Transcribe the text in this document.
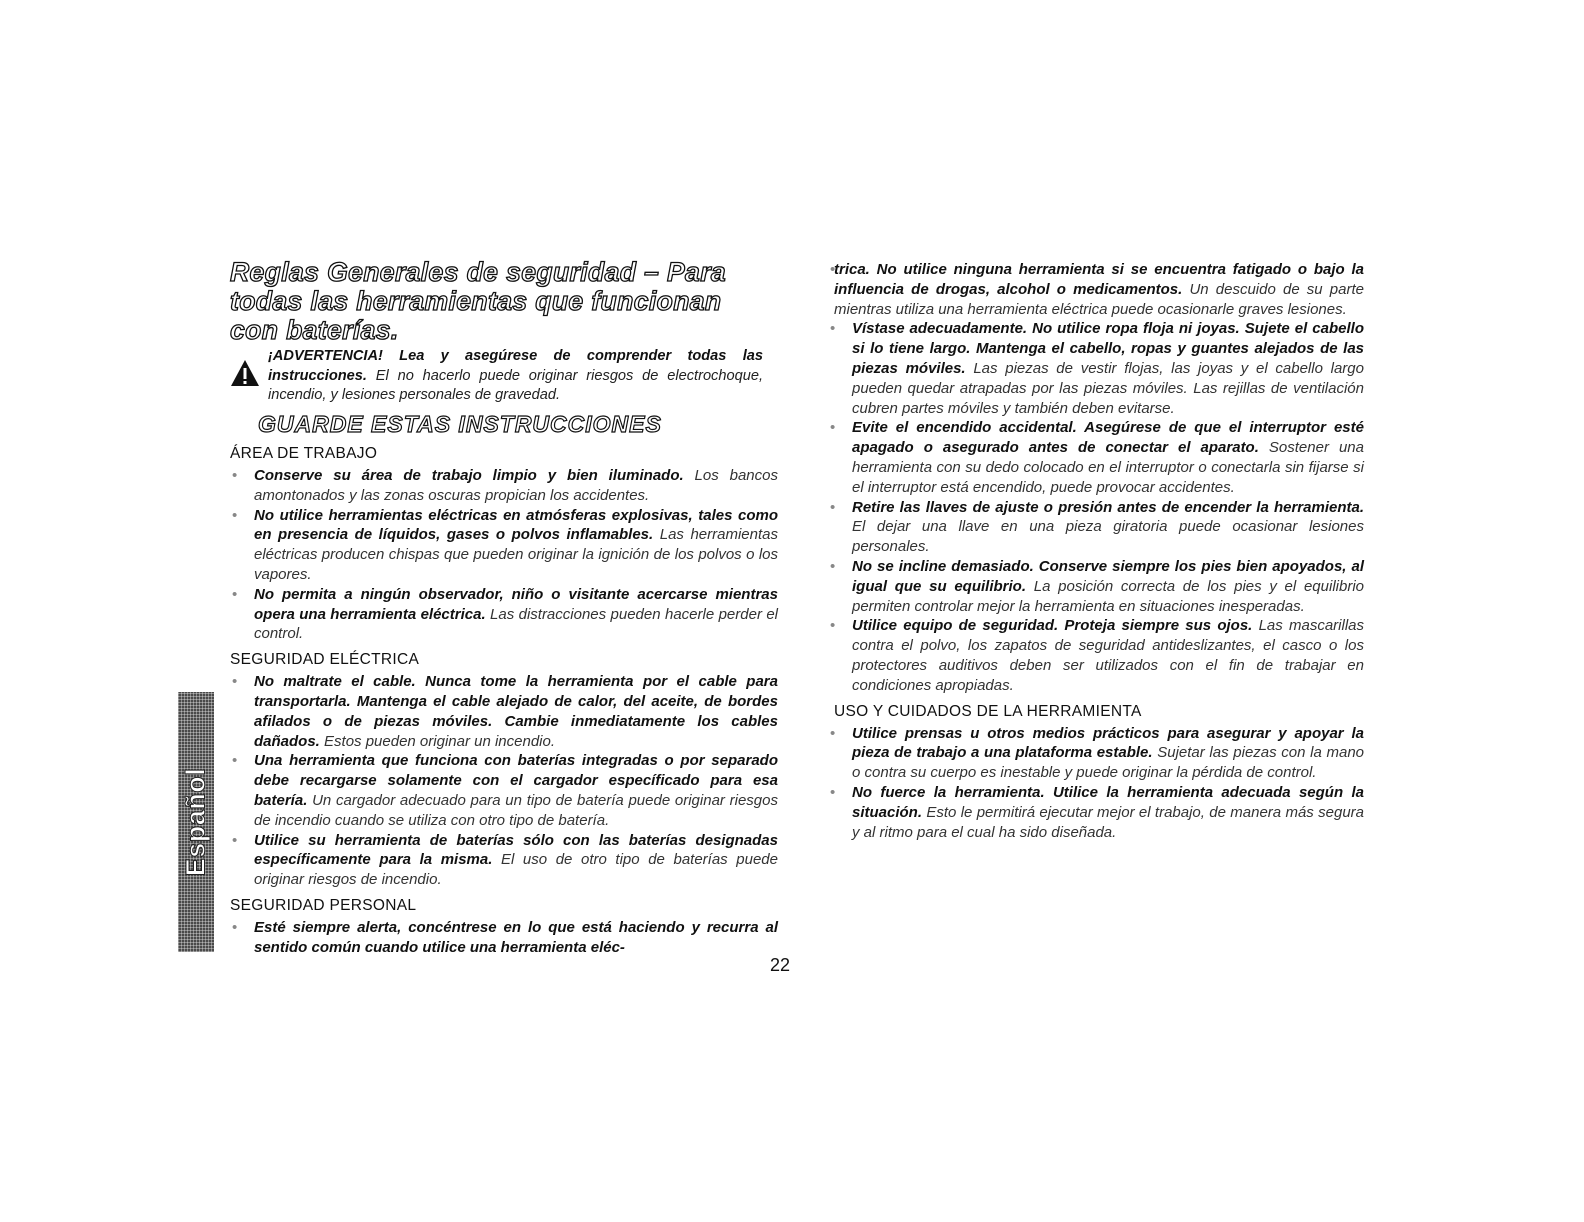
Reglas Generales de seguridad – Para
todas las herramientas que funcionan
con baterías.

¡ADVERTENCIA! Lea y asegúrese de comprender todas las instrucciones. El no hacerlo puede originar riesgos de electrochoque, incendio, y lesiones personales de gravedad.

GUARDE ESTAS INSTRUCCIONES
ÁREA DE TRABAJO
• Conserve su área de trabajo limpio y bien iluminado. Los bancos amontonados y las zonas oscuras propician los accidentes.
• No utilice herramientas eléctricas en atmósferas explosivas, tales como en presencia de líquidos, gases o polvos inflamables. Las herramientas eléctricas producen chispas que pueden originar la ignición de los polvos o los vapores.
• No permita a ningún observador, niño o visitante acercarse mientras opera una herramienta eléctrica. Las distracciones pueden hacerle perder el control.
SEGURIDAD ELÉCTRICA
• No maltrate el cable. Nunca tome la herramienta por el cable para transportarla. Mantenga el cable alejado de calor, del aceite, de bordes afilados o de piezas móviles. Cambie inmediatamente los cables dañados. Estos pueden originar un incendio.
• Una herramienta que funciona con baterías integradas o por separado debe recargarse solamente con el cargador específicado para esa batería. Un cargador adecuado para un tipo de batería puede originar riesgos de incendio cuando se utiliza con otro tipo de batería.
• Utilice su herramienta de baterías sólo con las baterías designadas específicamente para la misma. El uso de otro tipo de baterías puede originar riesgos de incendio.
SEGURIDAD PERSONAL
• Esté siempre alerta, concéntrese en lo que está haciendo y recurra al sentido común cuando utilice una herramienta eléc-
• trica. No utilice ninguna herramienta si se encuentra fatigado o bajo la influencia de drogas, alcohol o medicamentos. Un descuido de su parte mientras utiliza una herramienta eléctrica puede ocasionarle graves lesiones.
• Vístase adecuadamente. No utilice ropa floja ni joyas. Sujete el cabello si lo tiene largo. Mantenga el cabello, ropas y guantes alejados de las piezas móviles. Las piezas de vestir flojas, las joyas y el cabello largo pueden quedar atrapadas por las piezas móviles. Las rejillas de ventilación cubren partes móviles y también deben evitarse.
• Evite el encendido accidental. Asegúrese de que el interruptor esté apagado o asegurado antes de conectar el aparato. Sostener una herramienta con su dedo colocado en el interruptor o conectarla sin fijarse si el interruptor está encendido, puede provocar accidentes.
• Retire las llaves de ajuste o presión antes de encender la herramienta. El dejar una llave en una pieza giratoria puede ocasionar lesiones personales.
• No se incline demasiado. Conserve siempre los pies bien apoyados, al igual que su equilibrio. La posición correcta de los pies y el equilibrio permiten controlar mejor la herramienta en situaciones inesperadas.
• Utilice equipo de seguridad. Proteja siempre sus ojos. Las mascarillas contra el polvo, los zapatos de seguridad antideslizantes, el casco o los protectores auditivos deben ser utilizados con el fin de trabajar en condiciones apropiadas.
USO Y CUIDADOS DE LA HERRAMIENTA
• Utilice prensas u otros medios prácticos para asegurar y apoyar la pieza de trabajo a una plataforma estable. Sujetar las piezas con la mano o contra su cuerpo es inestable y puede originar la pérdida de control.
• No fuerce la herramienta. Utilice la herramienta adecuada según la situación. Esto le permitirá ejecutar mejor el trabajo, de manera más segura y al ritmo para el cual ha sido diseñada.
Español
22
